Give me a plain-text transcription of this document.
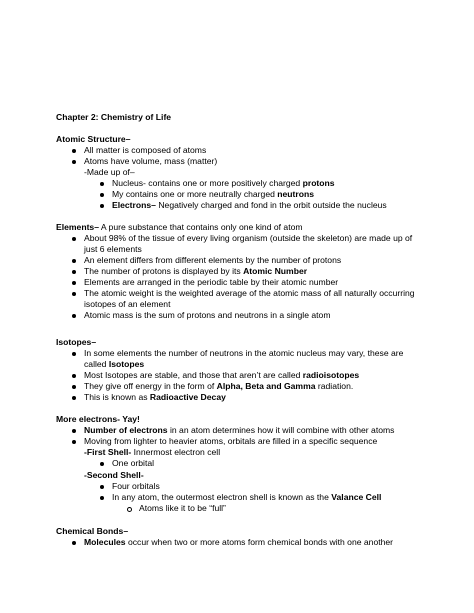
Chapter 2: Chemistry of Life
Atomic Structure–
All matter is composed of atoms
Atoms have volume, mass (matter)
-Made up of–
Nucleus- contains one or more positively charged protons
My contains one or more neutrally charged neutrons
Electrons– Negatively charged and fond in the orbit outside the nucleus
Elements– A pure substance that contains only one kind of atom
About 98% of the tissue of every living organism (outside the skeleton) are made up of
just 6 elements
An element differs from different elements by the number of protons
The number of protons is displayed by its Atomic Number
Elements are arranged in the periodic table by their atomic number
The atomic weight is the weighted average of the atomic mass of all naturally occurring
isotopes of an element
Atomic mass is the sum of protons and neutrons in a single atom
Isotopes–
In some elements the number of neutrons in the atomic nucleus may vary, these are
called Isotopes
Most Isotopes are stable, and those that aren’t are called radioisotopes
They give off energy in the form of Alpha, Beta and Gamma radiation.
This is known as Radioactive Decay
More electrons- Yay!
Number of electrons in an atom determines how it will combine with other atoms
Moving from lighter to heavier atoms, orbitals are filled in a specific sequence
-First Shell- Innermost electron cell
One orbital
-Second Shell-
Four orbitals
In any atom, the outermost electron shell is known as the Valance Cell
Atoms like it to be “full”
Chemical Bonds–
Molecules occur when two or more atoms form chemical bonds with one another
